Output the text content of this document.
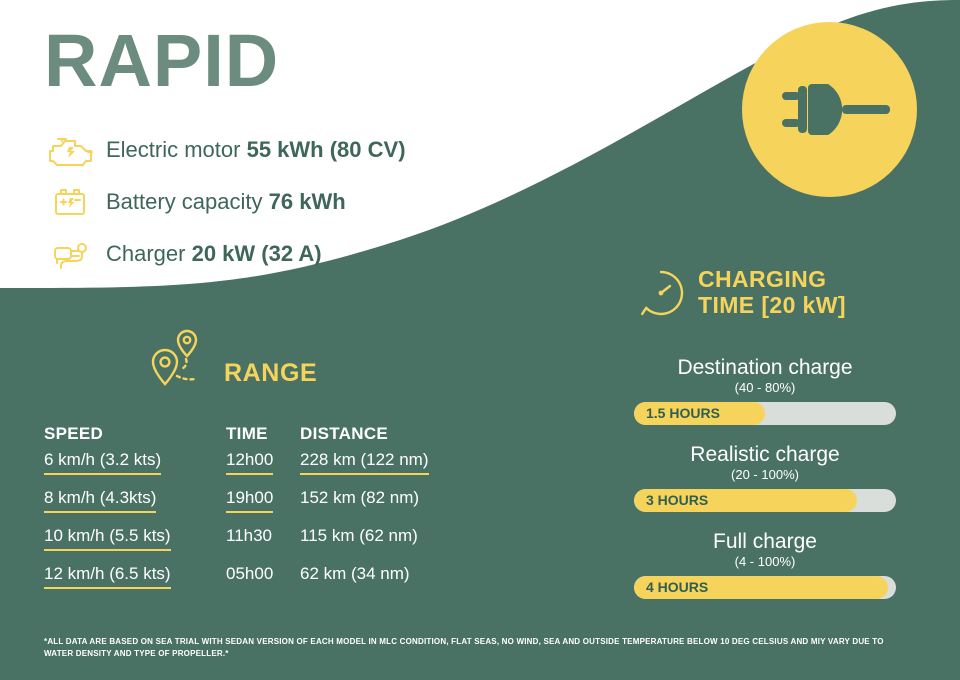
RAPID
Electric motor 55 kWh (80 CV)
Battery capacity 76 kWh
Charger 20 kW (32 A)
CHARGING
TIME [20 kW]
Destination charge
(40 - 80%)
1.5 HOURS
Realistic charge
(20 - 100%)
3 HOURS
Full charge
(4 - 100%)
4 HOURS
RANGE
SPEED	TIME	DISTANCE
6 km/h (3.2 kts)	12h00	228 km (122 nm)
8 km/h (4.3kts)	19h00	152 km (82 nm)
10 km/h (5.5 kts)	11h30	115 km (62 nm)
12 km/h (6.5 kts)	05h00	62 km (34 nm)
*ALL DATA ARE BASED ON SEA TRIAL WITH SEDAN VERSION OF EACH MODEL IN MLC CONDITION, FLAT SEAS, NO WIND, SEA AND OUTSIDE TEMPERATURE BELOW 10 DEG CELSIUS AND MIY VARY DUE TO WATER DENSITY AND TYPE OF PROPELLER.*
